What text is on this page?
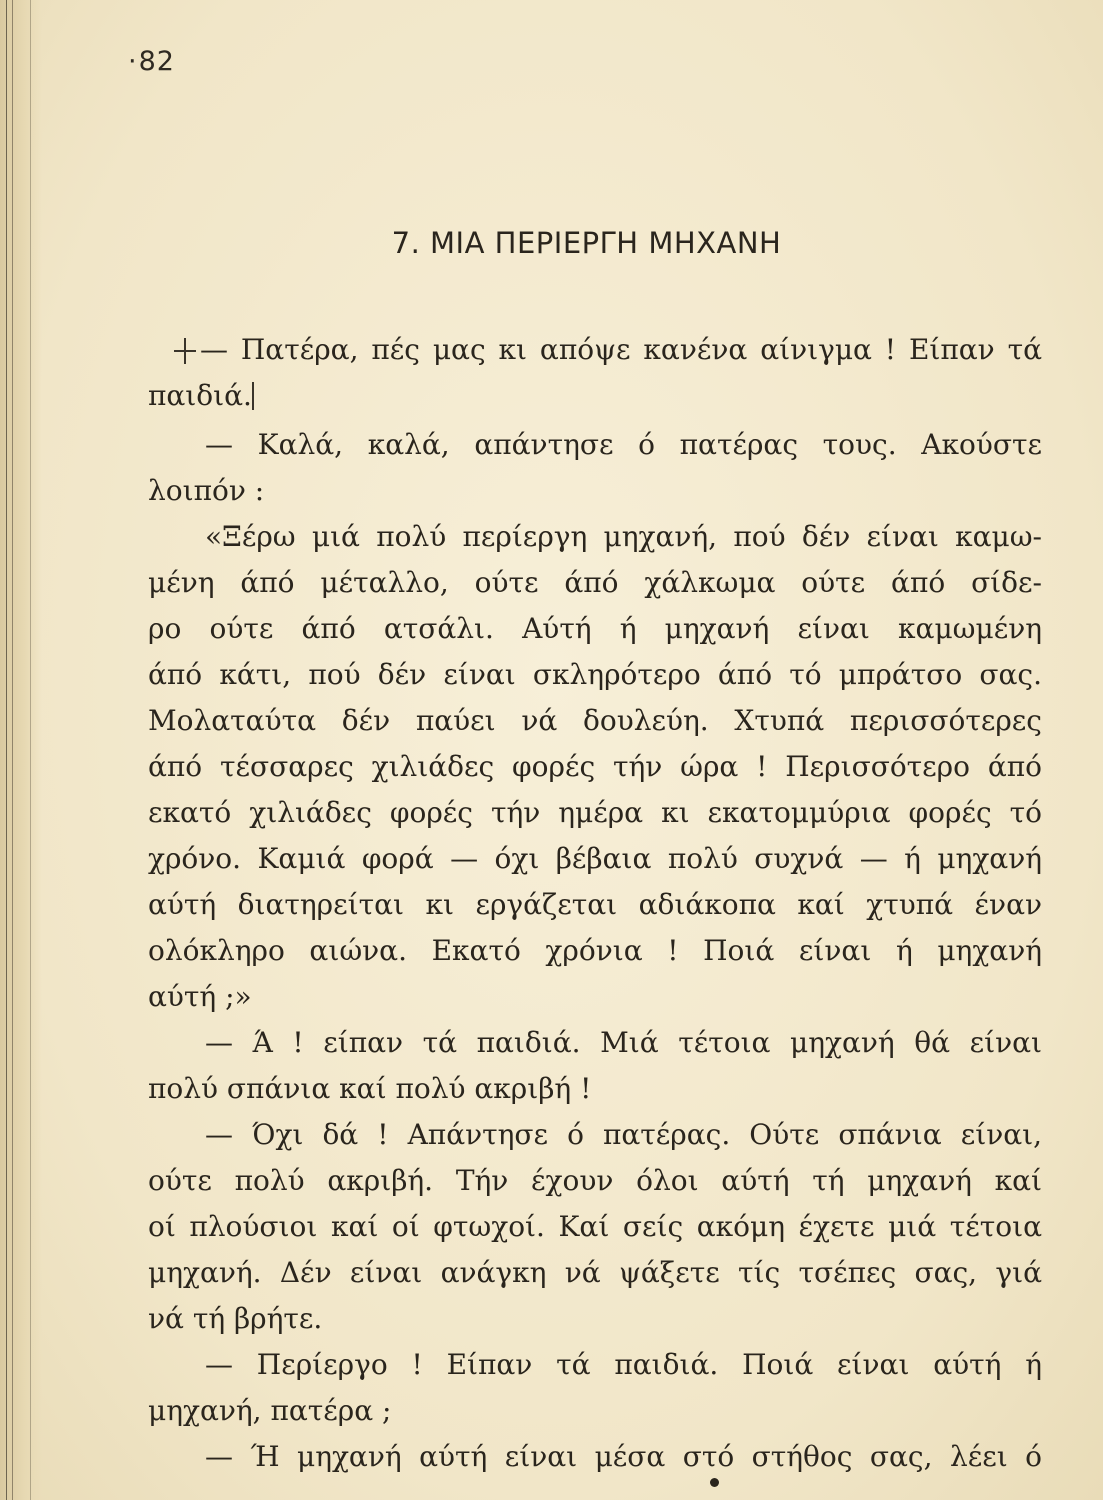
· 82
7. ΜΙΑ ΠΕΡΙΕΡΓΗ ΜΗΧΑΝΗ
— Πατέρα, πές μας κι απόψε κανένα αίνιγμα ! Είπαν τά
παιδιά.
— Καλά, καλά, απάντησε ό πατέρας τους. Ακούστε
λοιπόν :
«Ξέρω μιά πολύ περίεργη μηχανή, πού δέν είναι καμω-
μένη άπό μέταλλο, ούτε άπό χάλκωμα ούτε άπό σίδε-
ρο ούτε άπό ατσάλι. Αύτή ή μηχανή είναι καμωμένη
άπό κάτι, πού δέν είναι σκληρότερο άπό τό μπράτσο σας.
Μολαταύτα δέν παύει νά δουλεύη. Χτυπά περισσότερες
άπό τέσσαρες χιλιάδες φορές τήν ώρα ! Περισσότερο άπό
εκατό χιλιάδες φορές τήν ημέρα κι εκατομμύρια φορές τό
χρόνο. Καμιά φορά — όχι βέβαια πολύ συχνά — ή μηχανή
αύτή διατηρείται κι εργάζεται αδιάκοπα καί χτυπά έναν
ολόκληρο αιώνα. Εκατό χρόνια ! Ποιά είναι ή μηχανή
αύτή ;»
— Ά ! είπαν τά παιδιά. Μιά τέτοια μηχανή θά είναι
πολύ σπάνια καί πολύ ακριβή !
— Όχι δά ! Απάντησε ό πατέρας. Ούτε σπάνια είναι,
ούτε πολύ ακριβή. Τήν έχουν όλοι αύτή τή μηχανή καί
οί πλούσιοι καί οί φτωχοί. Καί σείς ακόμη έχετε μιά τέτοια
μηχανή. Δέν είναι ανάγκη νά ψάξετε τίς τσέπες σας, γιά
νά τή βρήτε.
— Περίεργο ! Είπαν τά παιδιά. Ποιά είναι αύτή ή
μηχανή, πατέρα ;
— Ή μηχανή αύτή είναι μέσα στό στήθος σας, λέει ό
